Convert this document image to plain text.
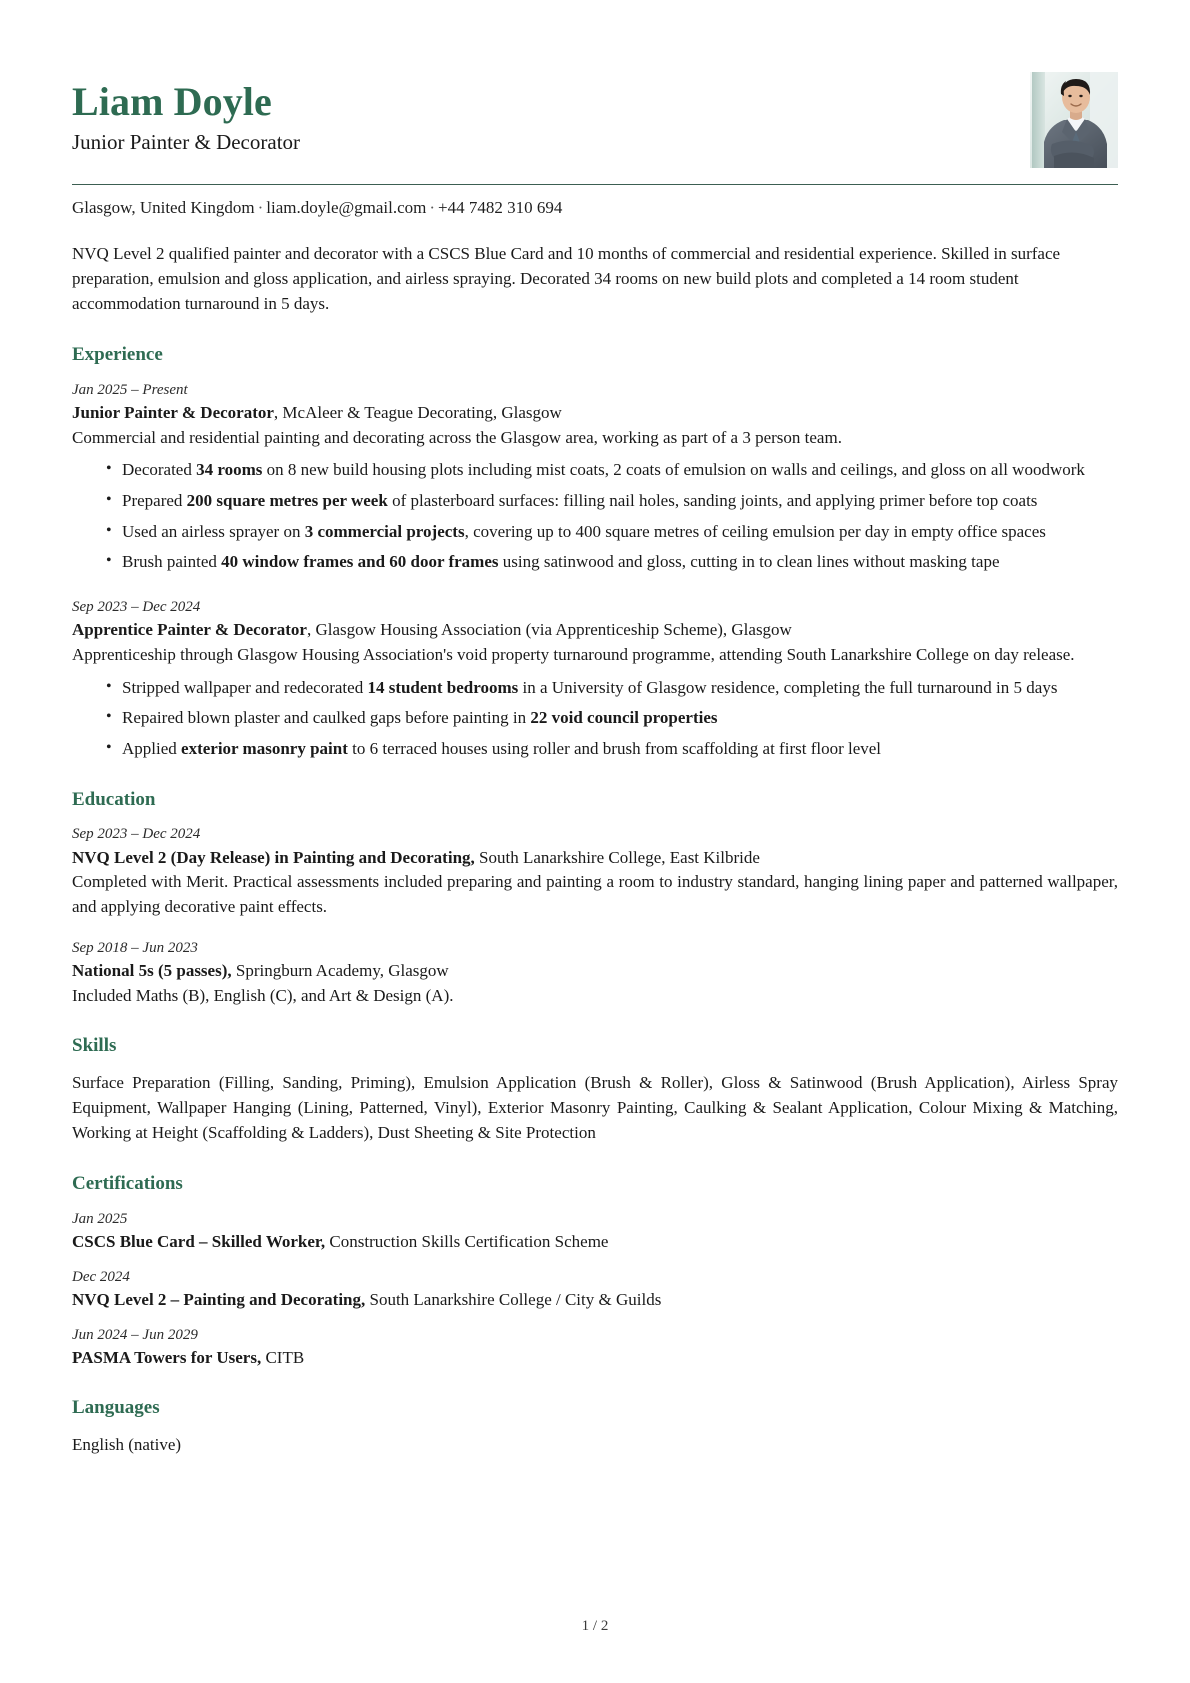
Liam Doyle
Junior Painter & Decorator
Glasgow, United Kingdom · liam.doyle@gmail.com · +44 7482 310 694
NVQ Level 2 qualified painter and decorator with a CSCS Blue Card and 10 months of commercial and residential experience. Skilled in surface preparation, emulsion and gloss application, and airless spraying. Decorated 34 rooms on new build plots and completed a 14 room student accommodation turnaround in 5 days.
Experience
Jan 2025 – Present
Junior Painter & Decorator, McAleer & Teague Decorating, Glasgow
Commercial and residential painting and decorating across the Glasgow area, working as part of a 3 person team.
• Decorated 34 rooms on 8 new build housing plots including mist coats, 2 coats of emulsion on walls and ceilings, and gloss on all woodwork
• Prepared 200 square metres per week of plasterboard surfaces: filling nail holes, sanding joints, and applying primer before top coats
• Used an airless sprayer on 3 commercial projects, covering up to 400 square metres of ceiling emulsion per day in empty office spaces
• Brush painted 40 window frames and 60 door frames using satinwood and gloss, cutting in to clean lines without masking tape
Sep 2023 – Dec 2024
Apprentice Painter & Decorator, Glasgow Housing Association (via Apprenticeship Scheme), Glasgow
Apprenticeship through Glasgow Housing Association's void property turnaround programme, attending South Lanarkshire College on day release.
• Stripped wallpaper and redecorated 14 student bedrooms in a University of Glasgow residence, completing the full turnaround in 5 days
• Repaired blown plaster and caulked gaps before painting in 22 void council properties
• Applied exterior masonry paint to 6 terraced houses using roller and brush from scaffolding at first floor level
Education
Sep 2023 – Dec 2024
NVQ Level 2 (Day Release) in Painting and Decorating, South Lanarkshire College, East Kilbride
Completed with Merit. Practical assessments included preparing and painting a room to industry standard, hanging lining paper and patterned wallpaper, and applying decorative paint effects.
Sep 2018 – Jun 2023
National 5s (5 passes), Springburn Academy, Glasgow
Included Maths (B), English (C), and Art & Design (A).
Skills
Surface Preparation (Filling, Sanding, Priming), Emulsion Application (Brush & Roller), Gloss & Satinwood (Brush Application), Airless Spray Equipment, Wallpaper Hanging (Lining, Patterned, Vinyl), Exterior Masonry Painting, Caulking & Sealant Application, Colour Mixing & Matching, Working at Height (Scaffolding & Ladders), Dust Sheeting & Site Protection
Certifications
Jan 2025
CSCS Blue Card – Skilled Worker, Construction Skills Certification Scheme
Dec 2024
NVQ Level 2 – Painting and Decorating, South Lanarkshire College / City & Guilds
Jun 2024 – Jun 2029
PASMA Towers for Users, CITB
Languages
English (native)
1 / 2
